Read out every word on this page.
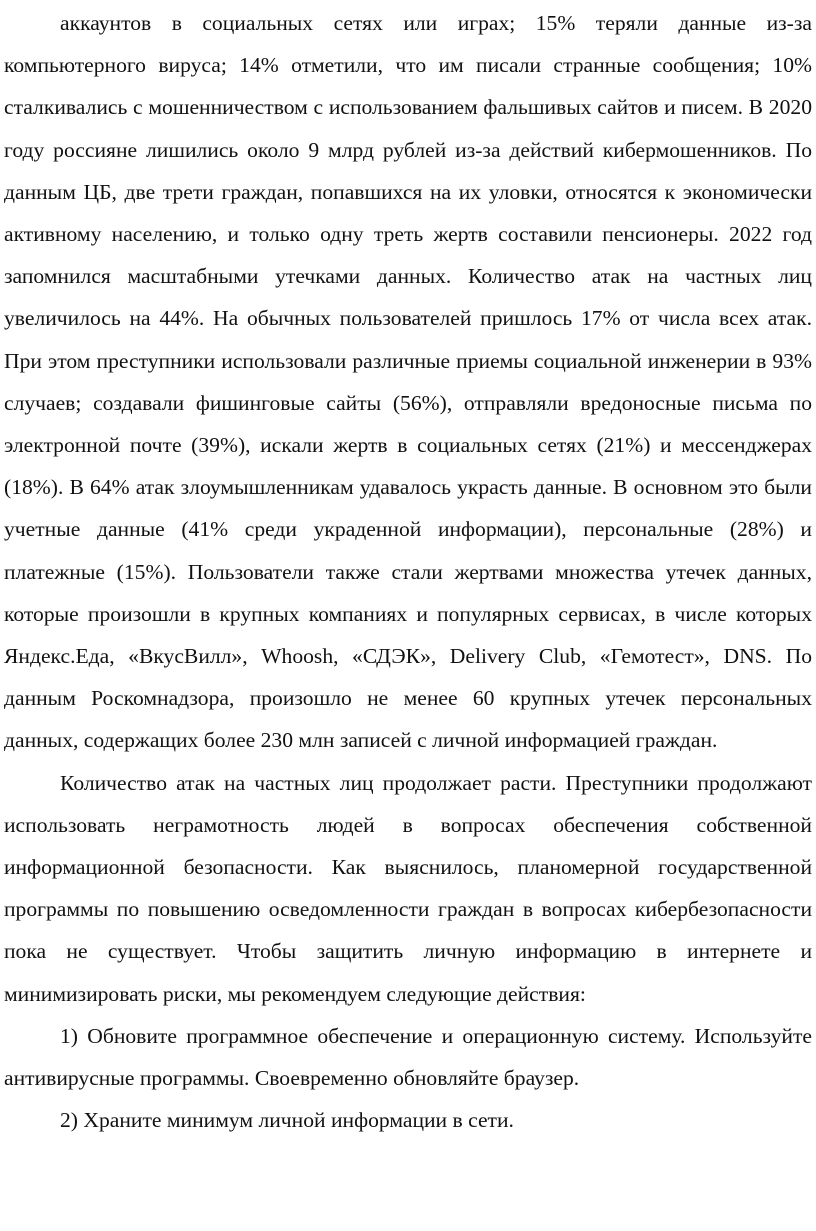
аккаунтов в социальных сетях или играх; 15% теряли данные из-за компьютерного вируса; 14% отметили, что им писали странные сообщения; 10% сталкивались с мошенничеством с использованием фальшивых сайтов и писем. В 2020 году россияне лишились около 9 млрд рублей из-за действий кибермошенников. По данным ЦБ, две трети граждан, попавшихся на их уловки, относятся к экономически активному населению, и только одну треть жертв составили пенсионеры. 2022 год запомнился масштабными утечками данных. Количество атак на частных лиц увеличилось на 44%. На обычных пользователей пришлось 17% от числа всех атак. При этом преступники использовали различные приемы социальной инженерии в 93% случаев; создавали фишинговые сайты (56%), отправляли вредоносные письма по электронной почте (39%), искали жертв в социальных сетях (21%) и мессенджерах (18%). В 64% атак злоумышленникам удавалось украсть данные. В основном это были учетные данные (41% среди украденной информации), персональные (28%) и платежные (15%). Пользователи также стали жертвами множества утечек данных, которые произошли в крупных компаниях и популярных сервисах, в числе которых Яндекс.Еда, «ВкусВилл», Whoosh, «СДЭК», Delivery Club, «Гемотест», DNS. По данным Роскомнадзора, произошло не менее 60 крупных утечек персональных данных, содержащих более 230 млн записей с личной информацией граждан.

Количество атак на частных лиц продолжает расти. Преступники продолжают использовать неграмотность людей в вопросах обеспечения собственной информационной безопасности. Как выяснилось, планомерной государственной программы по повышению осведомленности граждан в вопросах кибербезопасности пока не существует. Чтобы защитить личную информацию в интернете и минимизировать риски, мы рекомендуем следующие действия:

1) Обновите программное обеспечение и операционную систему. Используйте антивирусные программы. Своевременно обновляйте браузер.

2) Храните минимум личной информации в сети.
